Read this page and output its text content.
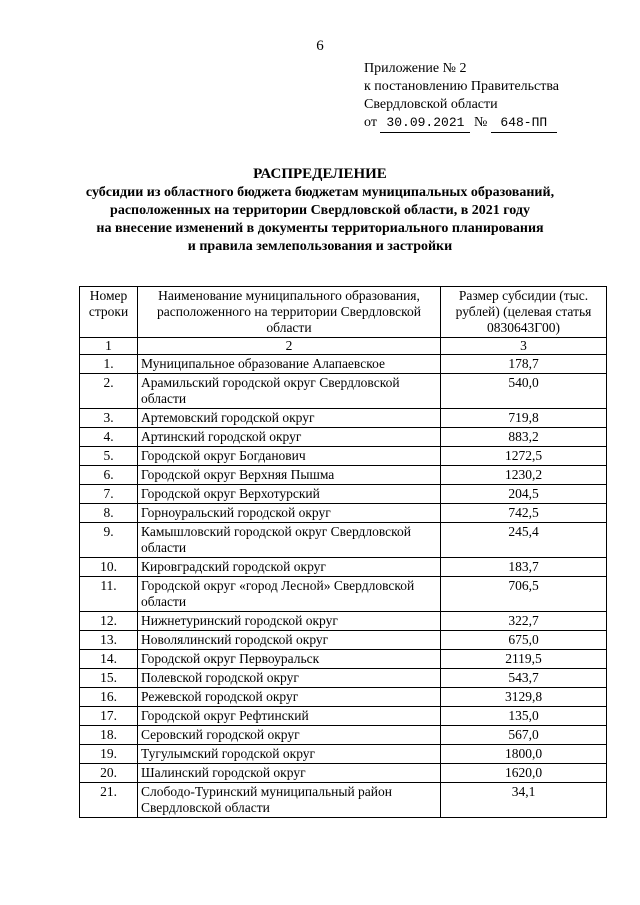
6
Приложение № 2
к постановлению Правительства
Свердловской области
от 30.09.2021 № 648-ПП
РАСПРЕДЕЛЕНИЕ
субсидии из областного бюджета бюджетам муниципальных образований,
расположенных на территории Свердловской области, в 2021 году
на внесение изменений в документы территориального планирования
и правила землепользования и застройки
Номер строки	Наименование муниципального образования, расположенного на территории Свердловской области	Размер субсидии (тыс. рублей) (целевая статья 0830643Г00)
1	2	3
1.	Муниципальное образование Алапаевское	178,7
2.	Арамильский городской округ Свердловской области	540,0
3.	Артемовский городской округ	719,8
4.	Артинский городской округ	883,2
5.	Городской округ Богданович	1272,5
6.	Городской округ Верхняя Пышма	1230,2
7.	Городской округ Верхотурский	204,5
8.	Горноуральский городской округ	742,5
9.	Камышловский городской округ Свердловской области	245,4
10.	Кировградский городской округ	183,7
11.	Городской округ «город Лесной» Свердловской области	706,5
12.	Нижнетуринский городской округ	322,7
13.	Новолялинский городской округ	675,0
14.	Городской округ Первоуральск	2119,5
15.	Полевской городской округ	543,7
16.	Режевской городской округ	3129,8
17.	Городской округ Рефтинский	135,0
18.	Серовский городской округ	567,0
19.	Тугулымский городской округ	1800,0
20.	Шалинский городской округ	1620,0
21.	Слободо-Туринский муниципальный район Свердловской области	34,1
